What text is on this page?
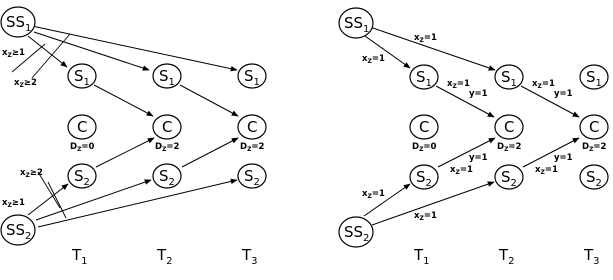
$SS_1$
$SS_2$
$S_1$	$S_1$	$S_1$
C	C	C
$S_2$	$S_2$	$S_2$
$x_Z\ge 1$
$x_Z\ge 2$
$x_Z\ge 2$
$x_Z\ge 1$
$D_Z=0$	$D_Z=2$	$D_Z=2$
$T_1$	$T_2$	$T_3$
$SS_1$
$SS_2$
$S_1$	$S_1$	$S_1$
C	C	C
$S_2$	$S_2$	$S_2$
$x_Z=1$
$x_Z=1$
$x_Z=1$
y=1
$x_Z=1$
y=1
y=1
$x_Z=1$
y=1
$x_Z=1$
$x_Z=1$
$x_Z=1$
$D_Z=0$	$D_Z=2$	$D_Z=2$
$T_1$	$T_2$	$T_3$
